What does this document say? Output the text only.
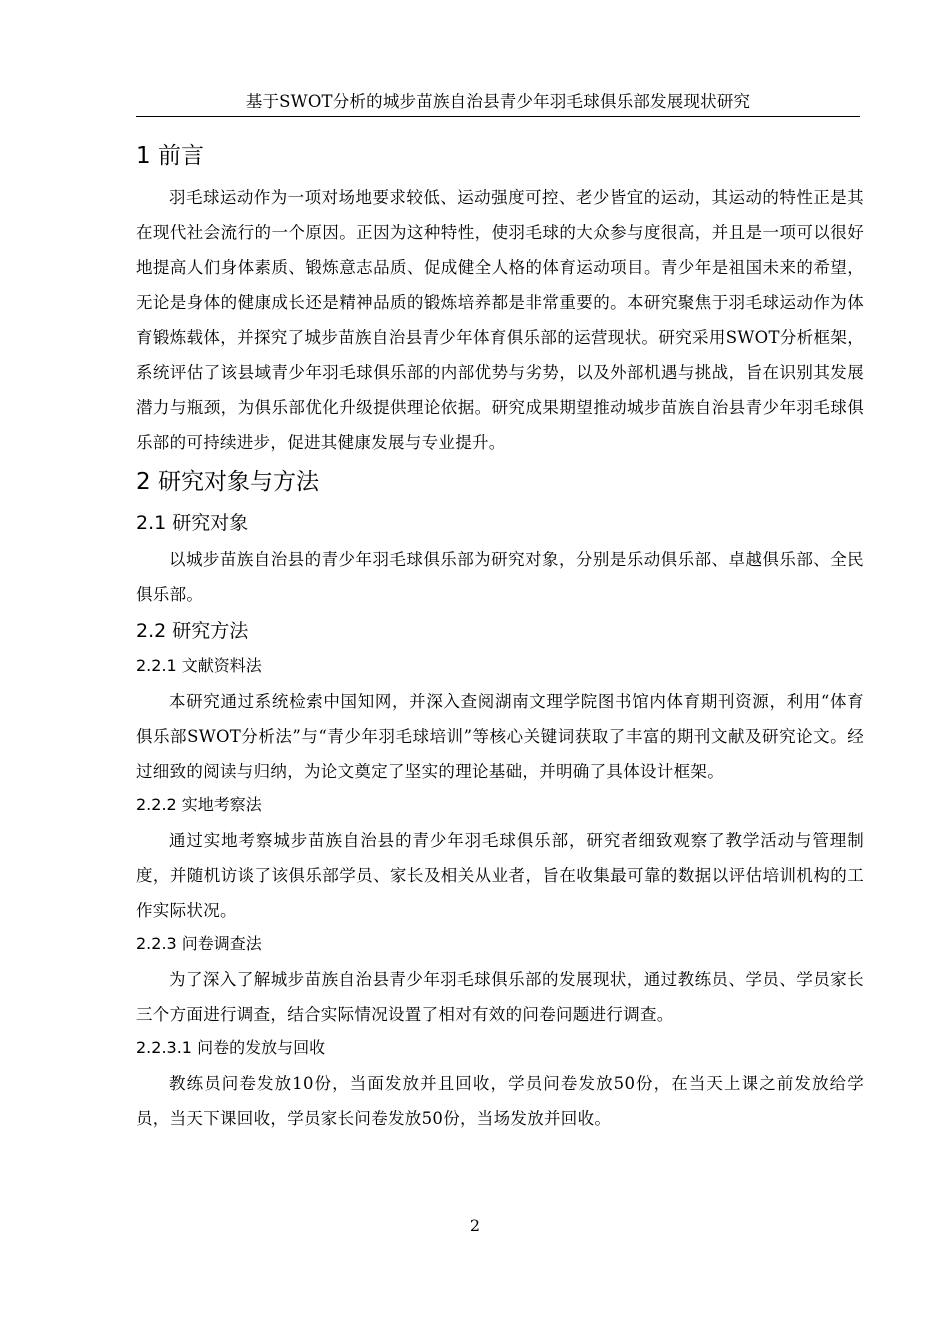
基于SWOT分析的城步苗族自治县青少年羽毛球俱乐部发展现状研究
1 前言

羽毛球运动作为一项对场地要求较低、运动强度可控、老少皆宜的运动，其运动的特性正是其在现代社会流行的一个原因。正因为这种特性，使羽毛球的大众参与度很高，并且是一项可以很好地提高人们身体素质、锻炼意志品质、促成健全人格的体育运动项目。青少年是祖国未来的希望，无论是身体的健康成长还是精神品质的锻炼培养都是非常重要的。本研究聚焦于羽毛球运动作为体育锻炼载体，并探究了城步苗族自治县青少年体育俱乐部的运营现状。研究采用SWOT分析框架，系统评估了该县域青少年羽毛球俱乐部的内部优势与劣势，以及外部机遇与挑战，旨在识别其发展潜力与瓶颈，为俱乐部优化升级提供理论依据。研究成果期望推动城步苗族自治县青少年羽毛球俱乐部的可持续进步，促进其健康发展与专业提升。

2 研究对象与方法
2.1 研究对象

以城步苗族自治县的青少年羽毛球俱乐部为研究对象，分别是乐动俱乐部、卓越俱乐部、全民俱乐部。

2.2 研究方法
2.2.1 文献资料法

本研究通过系统检索中国知网，并深入查阅湖南文理学院图书馆内体育期刊资源，利用“体育俱乐部SWOT分析法”与“青少年羽毛球培训”等核心关键词获取了丰富的期刊文献及研究论文。经过细致的阅读与归纳，为论文奠定了坚实的理论基础，并明确了具体设计框架。

2.2.2 实地考察法

通过实地考察城步苗族自治县的青少年羽毛球俱乐部，研究者细致观察了教学活动与管理制度，并随机访谈了该俱乐部学员、家长及相关从业者，旨在收集最可靠的数据以评估培训机构的工作实际状况。

2.2.3 问卷调查法

为了深入了解城步苗族自治县青少年羽毛球俱乐部的发展现状，通过教练员、学员、学员家长三个方面进行调查，结合实际情况设置了相对有效的问卷问题进行调查。

2.2.3.1 问卷的发放与回收

教练员问卷发放10份，当面发放并且回收，学员问卷发放50份，在当天上课之前发放给学员，当天下课回收，学员家长问卷发放50份，当场发放并回收。

2
